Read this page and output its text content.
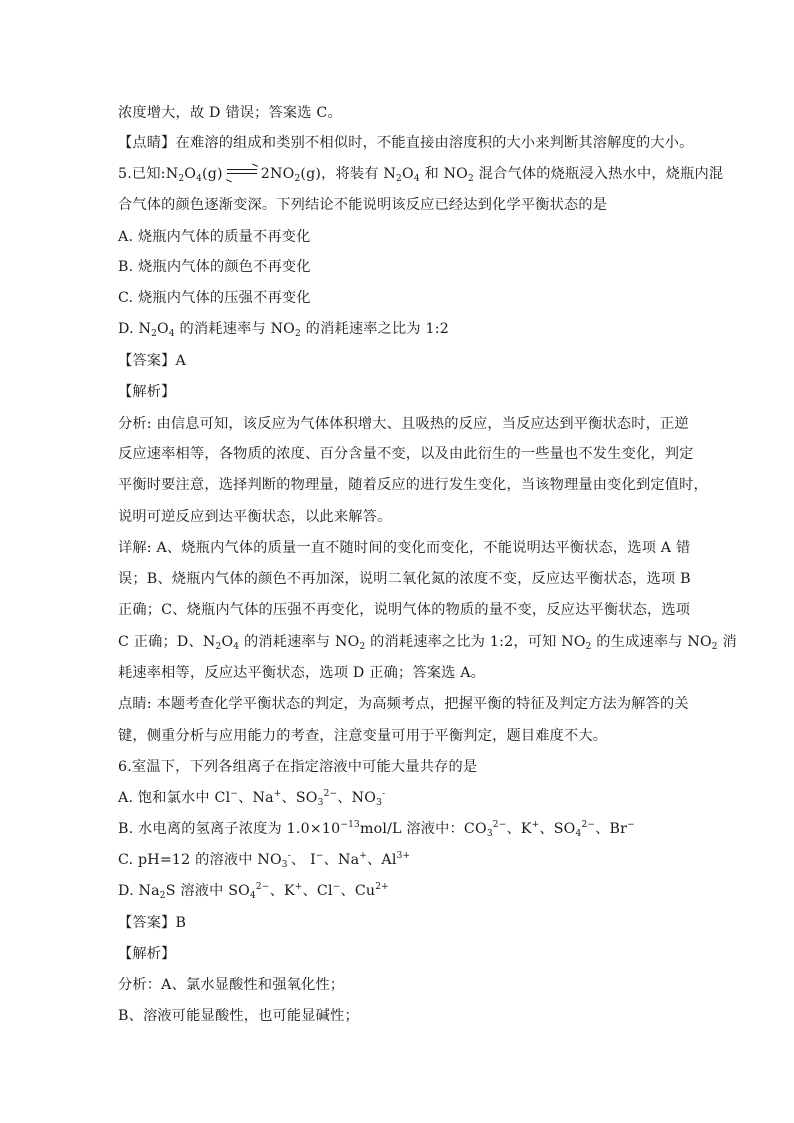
浓度增大，故 D 错误；答案选 C。
【点睛】在难溶的组成和类别不相似时，不能直接由溶度积的大小来判断其溶解度的大小。
5.已知$:N_2O_4(g) \to 2NO_2(g)$，将装有 $N_2O_4$ 和 $NO_2$ 混合气体的烧瓶浸入热水中，烧瓶内混
合气体的颜色逐渐变深。下列结论不能说明该反应已经达到化学平衡状态的是
A. 烧瓶内气体的质量不再变化
B. 烧瓶内气体的颜色不再变化
C. 烧瓶内气体的压强不再变化
D. $N_2O_4$ 的消耗速率与 $NO_2$ 的消耗速率之比为 1:2
【答案】A
【解析】
分析: 由信息可知，该反应为气体体积增大、且吸热的反应，当反应达到平衡状态时，正逆
反应速率相等，各物质的浓度、百分含量不变，以及由此衍生的一些量也不发生变化，判定
平衡时要注意，选择判断的物理量，随着反应的进行发生变化，当该物理量由变化到定值时，
说明可逆反应到达平衡状态，以此来解答。
详解: A、烧瓶内气体的质量一直不随时间的变化而变化，不能说明达平衡状态，选项 A 错
误；B、烧瓶内气体的颜色不再加深，说明二氧化氮的浓度不变，反应达平衡状态，选项 B
正确；C、烧瓶内气体的压强不再变化，说明气体的物质的量不变，反应达平衡状态，选项
C 正确；D、$N_2O_4$ 的消耗速率与 $NO_2$ 的消耗速率之比为 1:2，可知 $NO_2$ 的生成速率与 $NO_2$ 消
耗速率相等，反应达平衡状态，选项 D 正确；答案选 A。
点睛: 本题考查化学平衡状态的判定，为高频考点，把握平衡的特征及判定方法为解答的关
键，侧重分析与应用能力的考查，注意变量可用于平衡判定，题目难度不大。
6.室温下，下列各组离子在指定溶液中可能大量共存的是
A. 饱和氯水中 Cl−、Na+、$SO_3^{2-}$、$NO_3^-$
B. 水电离的氢离子浓度为 $1.0\times 10^{-13}mol/L$ 溶液中：$CO_3^{2-}$、K+、$SO_4^{2-}$、Br−
C. pH=12 的溶液中 $NO_3^-$、 I−、Na+、$Al^{3+}$
D. $Na_2S$ 溶液中 $SO_4^{2-}$、K+、Cl−、$Cu^{2+}$
【答案】B
【解析】
分析：A、氯水显酸性和强氧化性；
B、溶液可能显酸性，也可能显碱性；
